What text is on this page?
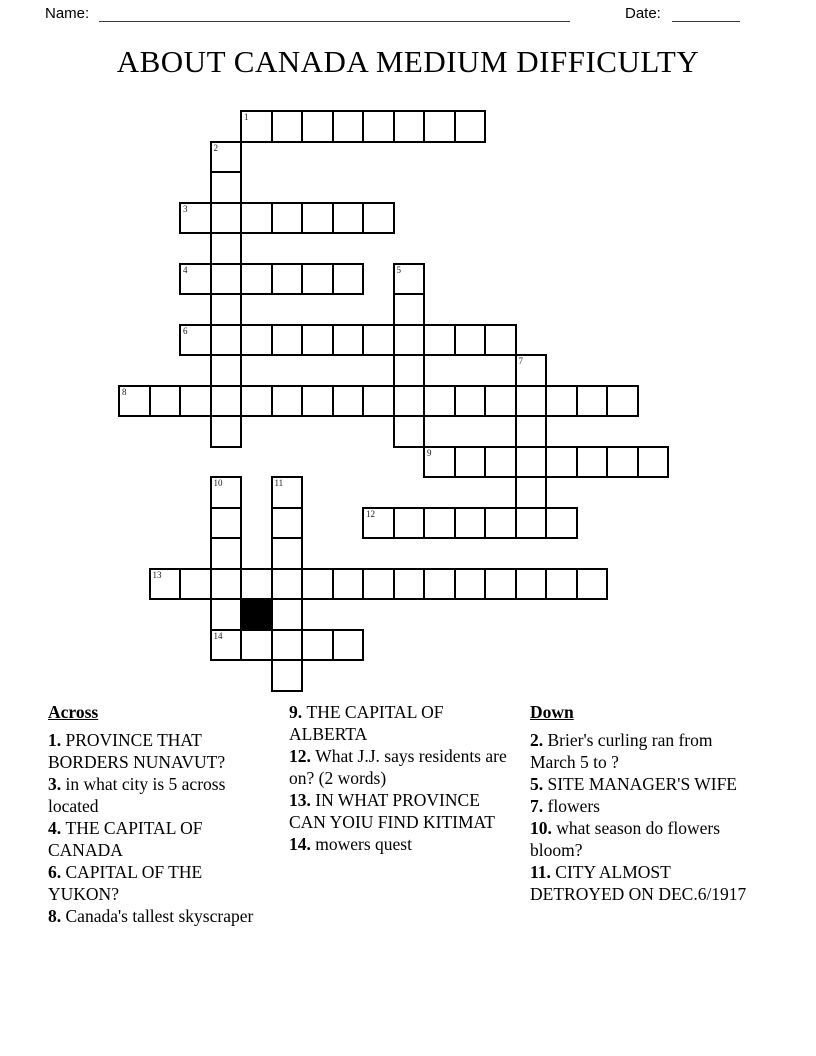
Name:	Date:
ABOUT CANADA MEDIUM DIFFICULTY
1
2
3
4	5
6
7
8
9
10
14
11
12
13
Across

1. PROVINCE THAT BORDERS NUNAVUT?

3. in what city is 5 across located

4. THE CAPITAL OF CANADA

6. CAPITAL OF THE YUKON?

8. Canada's tallest skyscraper

9. THE CAPITAL OF ALBERTA

12. What J.J. says residents are on? (2 words)

13. IN WHAT PROVINCE CAN YOIU FIND KITIMAT

14. mowers quest

Down

2. Brier's curling ran from March 5 to ?

5. SITE MANAGER'S WIFE

7. flowers

10. what season do flowers bloom?

11. CITY ALMOST DETROYED ON DEC.6/1917
